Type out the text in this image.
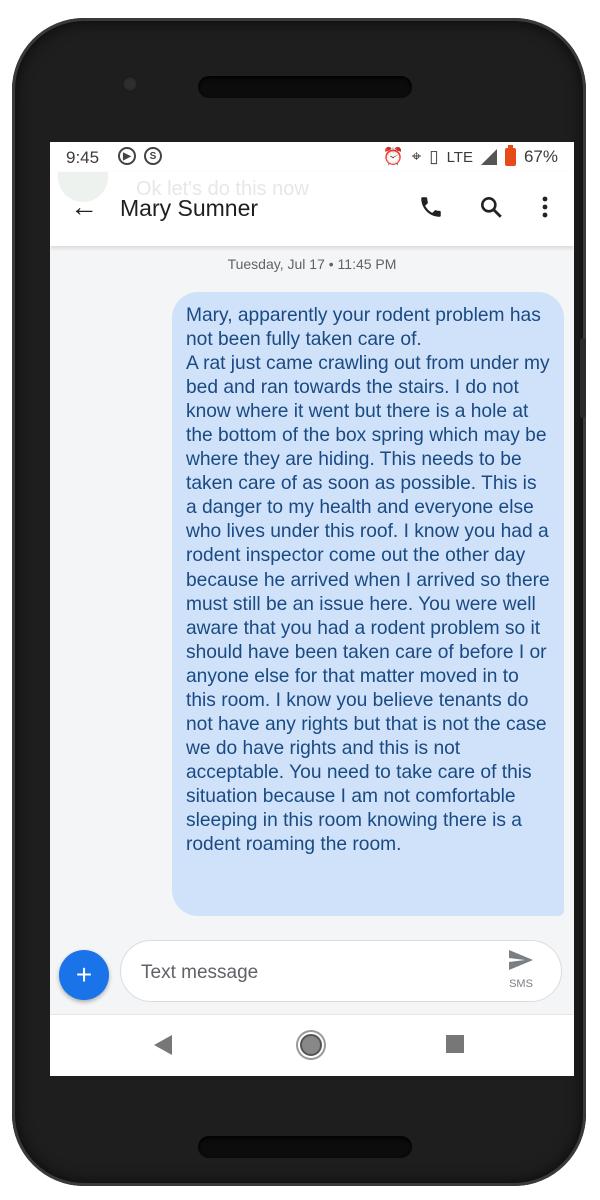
9:45	▶	S	⏰ ⌖ ▯ LTE	67%
Ok let's do this now
← Mary Sumner
Tuesday, Jul 17 • 11:45 PM
Mary, apparently your rodent problem has not been fully taken care of.
A rat just came crawling out from under my bed and ran towards the stairs. I do not know where it went but there is a hole at the bottom of the box spring which may be where they are hiding. This needs to be taken care of as soon as possible. This is a danger to my health and everyone else who lives under this roof. I know you had a rodent inspector come out the other day because he arrived when I arrived so there must still be an issue here. You were well aware that you had a rodent problem so it should have been taken care of before I or anyone else for that matter moved in to this room. I know you believe tenants do not have any rights but that is not the case we do have rights and this is not acceptable. You need to take care of this situation because I am not comfortable sleeping in this room knowing there is a rodent roaming the room.
+
Text message	SMS
